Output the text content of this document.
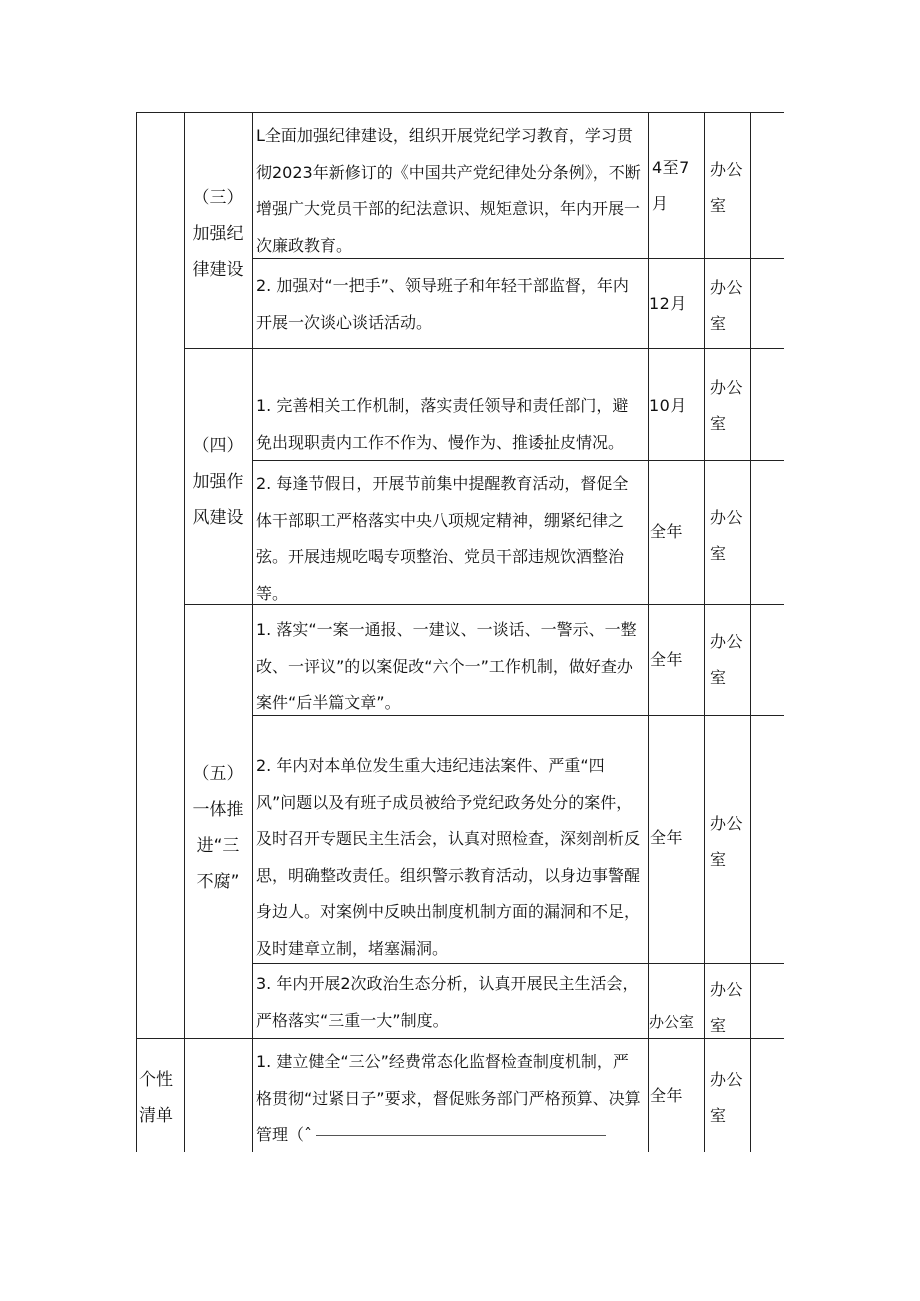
（三）
加强纪
律建设
（四）
加强作
风建设
（五）
一体推
进“三
不腐”
个性
清单
L全面加强纪律建设，组织开展党纪学习教育，学习贯彻2023年新修订的《中国共产党纪律处分条例》，不断增强广大党员干部的纪法意识、规矩意识，年内开展一次廉政教育。
2. 加强对“一把手”、领导班子和年轻干部监督，年内开展一次谈心谈话活动。
1. 完善相关工作机制，落实责任领导和责任部门，避免出现职责内工作不作为、慢作为、推诿扯皮情况。
2. 每逢节假日，开展节前集中提醒教育活动，督促全体干部职工严格落实中央八项规定精神，绷紧纪律之弦。开展违规吃喝专项整治、党员干部违规饮酒整治等。
1. 落实“一案一通报、一建议、一谈话、一警示、一整改、一评议”的以案促改“六个一”工作机制，做好查办案件“后半篇文章”。
2. 年内对本单位发生重大违纪违法案件、严重“四风”问题以及有班子成员被给予党纪政务处分的案件，及时召开专题民主生活会，认真对照检查，深刻剖析反思，明确整改责任。组织警示教育活动，以身边事警醒身边人。对案例中反映出制度机制方面的漏洞和不足，及时建章立制，堵塞漏洞。
3. 年内开展2次政治生态分析，认真开展民主生活会，严格落实“三重一大”制度。
1. 建立健全“三公”经费常态化监督检查制度机制，严格贯彻“过紧日子”要求，督促账务部门严格预算、决算管理（ˆ
4至7月
12月
10月
全年
全年
全年
办公室
全年
办公室
办公室
办公室
办公室
办公室
办公室
办公室
办公室
